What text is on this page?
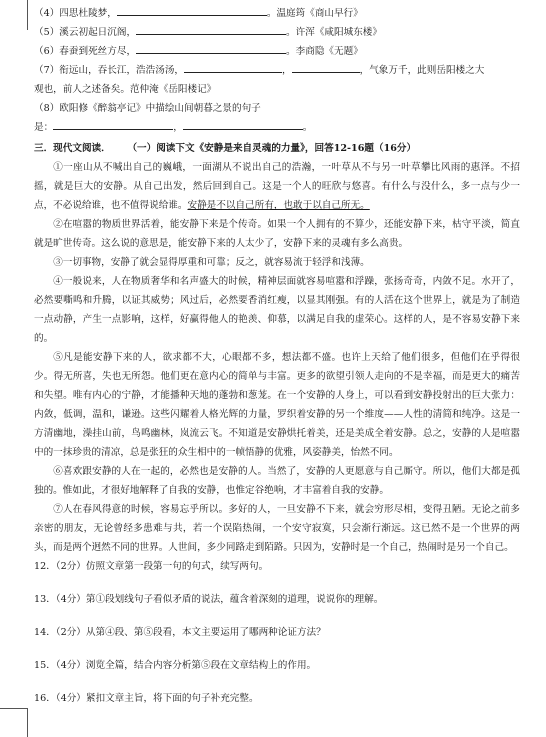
（4）四思杜陵梦，	。温庭筠《商山早行》
（5）溪云初起日沉阁，	。许浑《咸阳城东楼》
（6）春蚕到死丝方尽，	。李商隐《无题》
（7）衔远山，吞长江，浩浩汤汤，	，	，气象万千，此则岳阳楼之大
观也，前人之述备矣。范仲淹《岳阳楼记》
（8）欧阳修《醉翁亭记》中描绘山间朝暮之景的句子
是：	，	。
三．现代文阅读． （一）阅读下文《安静是来自灵魂的力量》，回答12-16题（16分）
①一座山从不喊出自己的巍峨，一面湖从不说出自己的浩瀚，一叶草从不与另一叶草攀比风雨的惠泽。不招摇，就是巨大的安静。从自己出发，然后回到自己。这是一个人的旺欣与悠喜。有什么与没什么，多一点与少一点，不必说给谁，也不值得说给谁。安静是不以自己所有，也敢于以自己所无。
②在喧嚣的物质世界活着，能安静下来是个传奇。如果一个人拥有的不算少，还能安静下来，枯守平淡，简直就是旷世传奇。这么说的意思是，能安静下来的人太少了，安静下来的灵魂有多么高贵。
③一切事物，安静了就会显得厚重和可靠；反之，就容易流于轻浮和浅薄。
④一般说来，人在物质奢华和名声盛大的时候，精神层面就容易喧嚣和浮躁，张扬奇奇，内敛不足。水开了，必然要嘶鸣和升腾，以证其威势；风过后，必然要香消红瘦，以显其刚强。有的人活在这个世界上，就是为了制造一点动静，产生一点影响，这样，好赢得他人的艳羡、仰慕，以满足自我的虚荣心。这样的人，是不容易安静下来的。
⑤凡是能安静下来的人，欲求都不大，心眼都不多，想法都不盛。也许上天给了他们很多，但他们在乎得很少。得无所喜，失也无所怨。他们更在意内心的简单与丰富。更多的欲望引领人走向的不是幸福，而是更大的痛苦和失望。唯有内心的宁静，才能播种天地的蓬勃和葱茏。在一个安静的人身上，可以看到安静投射出的巨大张力：内敛，低调，温和，谦逊。这些闪耀着人格光辉的力量，罗织着安静的另一个维度——人性的清简和纯净。这是一方清幽地，澡挂山前，鸟鸣幽林，岚流云飞。不知道是安静烘托着美，还是美成全着安静。总之，安静的人是喧嚣中的一抹珍贵的清凉，总是张狂的众生相中的一帧悟静的优雅，风姿静美，怡然不同。
⑥喜欢跟安静的人在一起的，必然也是安静的人。当然了，安静的人更愿意与自己厮守。所以，他们大都是孤独的。惟如此，才很好地解释了自我的安静，也惟定谷绝响，才丰富着自我的安静。
⑦人在春风得意的时候，容易忘乎所以。多好的人，一旦安静不下来，就会穷形尽相，变得丑陋。无论之前多亲密的朋友，无论曾经多患难与共，若一个误陷热闹，一个安守寂寞，只会渐行渐远。这已然不是一个世界的两头，而是两个迥然不同的世界。人世间，多少同路走到陌路。只因为，安静时是一个自己，热闹时是另一个自己。
12．（2分）仿照文章第一段第一句的句式，续写两句。
13．（4分）第①段划线句子看似矛盾的说法，蕴含着深刻的道理，说说你的理解。
14．（2分）从第④段、第⑤段看，本文主要运用了哪两种论证方法？
15．（4分）浏览全篇，结合内容分析第⑤段在文章结构上的作用。
16．（4分）紧扣文章主旨，将下面的句子补充完整。
